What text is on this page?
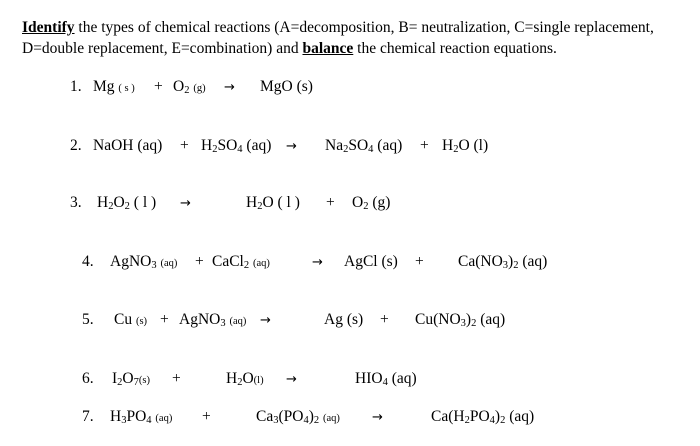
Identify the types of chemical reactions (A=decomposition, B= neutralization, C=single replacement, D=double replacement, E=combination) and balance the chemical reaction equations.
1. Mg ( s ) + $O_2$ (g) → MgO (s)
2. NaOH $(aq) + H_2SO_4$ $(aq) \to Na_2SO_4$ $(aq) + H_2O$ (l)
3. $H_2O_2$ ( l ) →	$H_2O$ ( l ) + $O_2$ (g)
4. AgNO$_3$ (aq) + CaCl$_2$ (aq)	→ AgCl $(s) + Ca(NO_3)_2$ (aq)
5. Cu (s) + AgNO$_3$ (aq) →	Ag $(s) + Cu(NO_3)_2$ (aq)
6. $I_2O_7(s)$ +	$H_2O(l)$ →	$HIO_4$ (aq)
7. $H_3PO_4$ (aq) +	$Ca_3(PO_4)_2$ (aq) →	$Ca(H_2PO_4)_2$ (aq)
